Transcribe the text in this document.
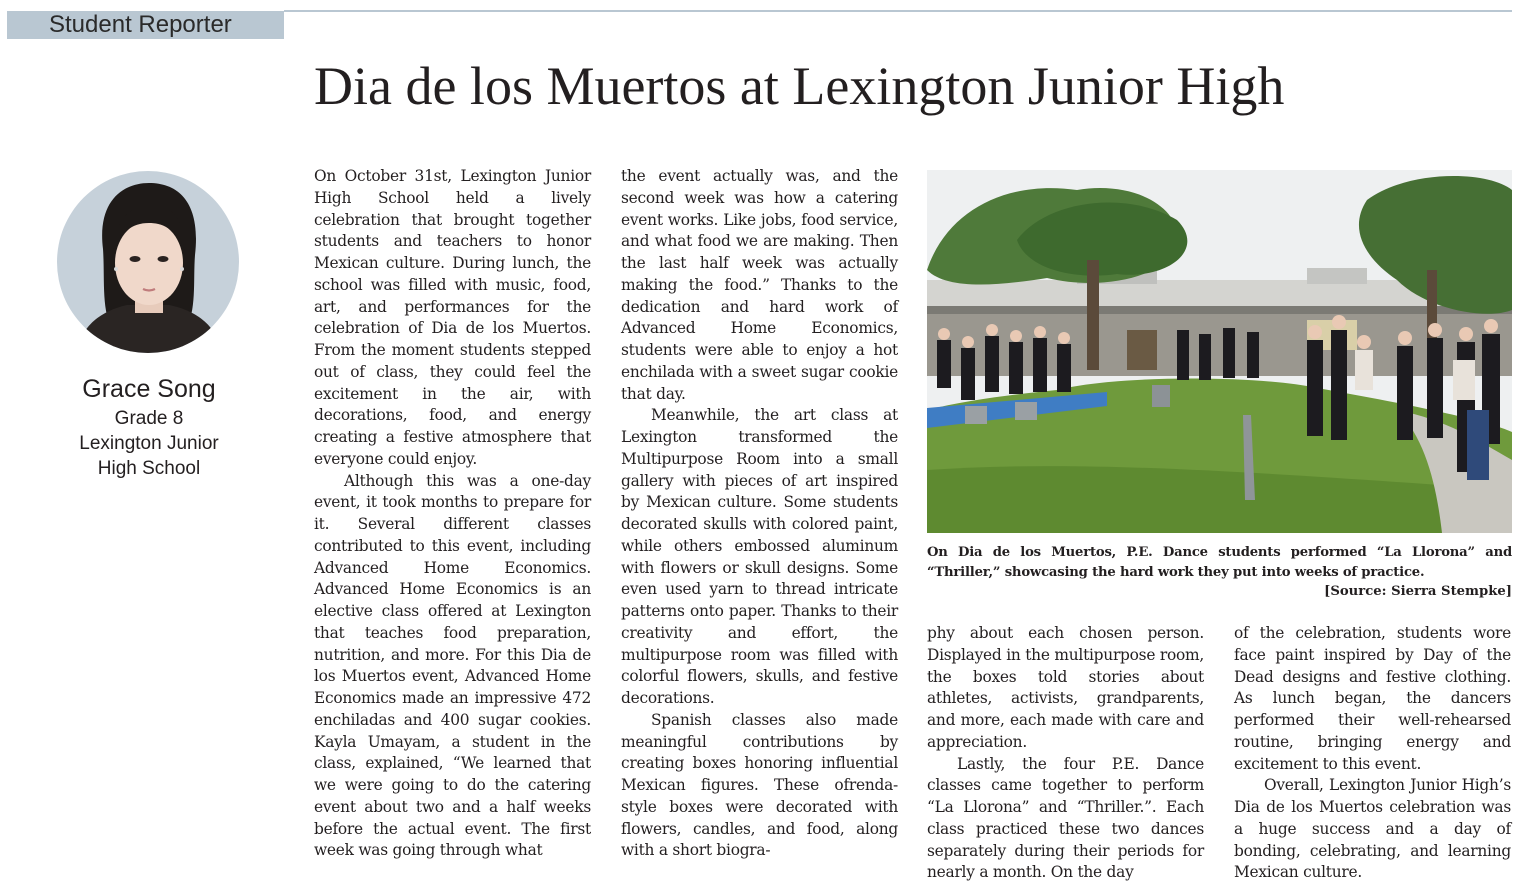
Student Reporter
Dia de los Muertos at Lexington Junior High
Grace Song
Grade 8
Lexington Junior
High School

On October 31st, Lexington Junior High School held a lively celebration that brought together students and teachers to honor Mexican culture. During lunch, the school was filled with music, food, art, and performances for the celebration of Dia de los Muertos. From the moment students stepped out of class, they could feel the excitement in the air, with decorations, food, and energy creating a festive atmosphere that everyone could enjoy.

Although this was a one-day event, it took months to prepare for it. Several different classes contributed to this event, including Advanced Home Economics. Advanced Home Economics is an elective class offered at Lexington that teaches food preparation, nutrition, and more. For this Dia de los Muertos event, Advanced Home Economics made an impressive 472 enchiladas and 400 sugar cookies. Kayla Umayam, a student in the class, explained, “We learned that we were going to do the catering event about two and a half weeks before the actual event. The first week was going through what

the event actually was, and the second week was how a catering event works. Like jobs, food service, and what food we are making. Then the last half week was actually making the food.” Thanks to the dedication and hard work of Advanced Home Economics, students were able to enjoy a hot enchilada with a sweet sugar cookie that day.

Meanwhile, the art class at Lexington transformed the Multipurpose Room into a small gallery with pieces of art inspired by Mexican culture. Some students decorated skulls with colored paint, while others embossed aluminum with flowers or skull designs. Some even used yarn to thread intricate patterns onto paper. Thanks to their creativity and effort, the multipurpose room was filled with colorful flowers, skulls, and festive decorations.

Spanish classes also made meaningful contributions by creating boxes honoring influential Mexican figures. These ofrenda-style boxes were decorated with flowers, candles, and food, along with a short biogra-

On Dia de los Muertos, P.E. Dance students performed “La Llorona” and “Thriller,” showcasing the hard work they put into weeks of practice.
[Source: Sierra Stempke]

phy about each chosen person. Displayed in the multipurpose room, the boxes told stories about athletes, activists, grandparents, and more, each made with care and appreciation.

Lastly, the four P.E. Dance classes came together to perform “La Llorona” and “Thriller.”. Each class practiced these two dances separately during their periods for nearly a month. On the day

of the celebration, students wore face paint inspired by Day of the Dead designs and festive clothing. As lunch began, the dancers performed their well-rehearsed routine, bringing energy and excitement to this event.

Overall, Lexington Junior High’s Dia de los Muertos celebration was a huge success and a day of bonding, celebrating, and learning Mexican culture.
